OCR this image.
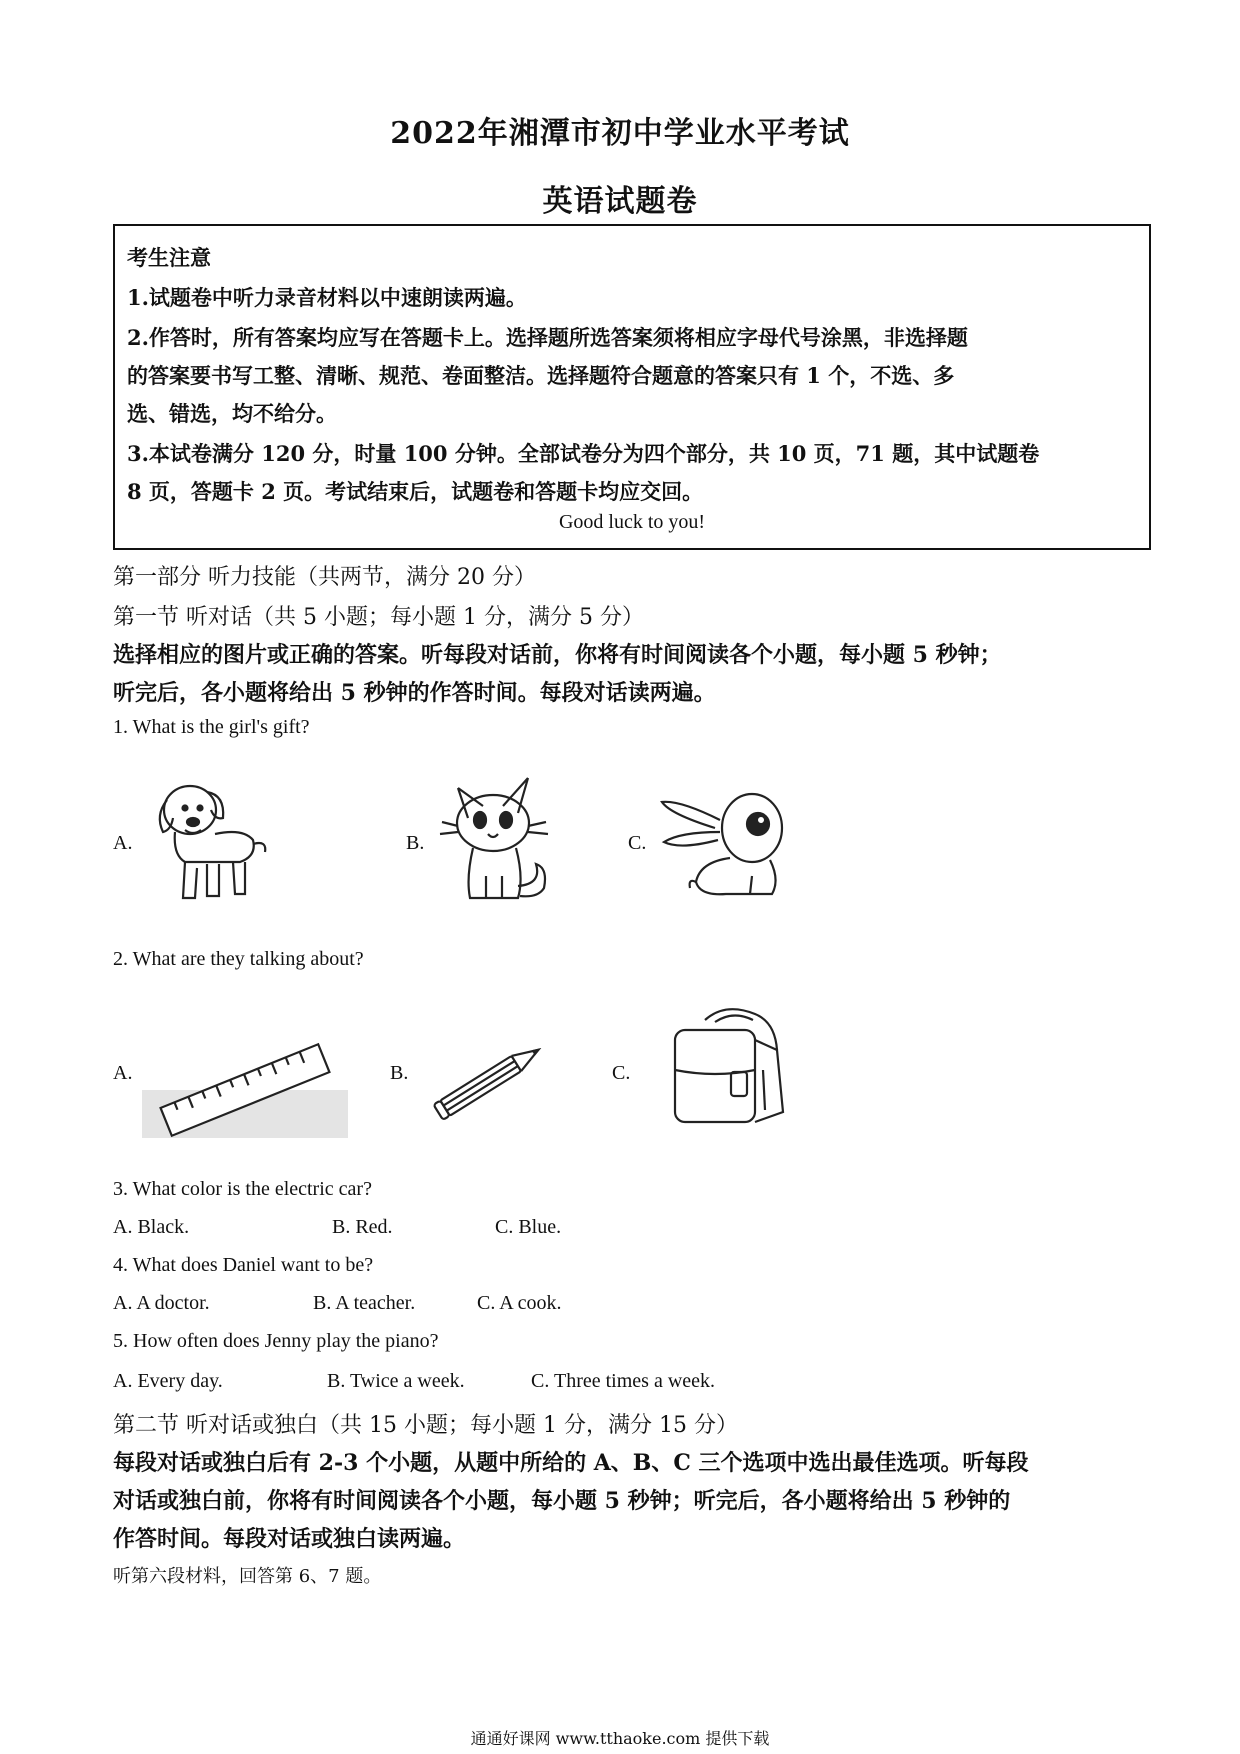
2022年湘潭市初中学业水平考试
英语试题卷
考生注意
1.试题卷中听力录音材料以中速朗读两遍。
2.作答时，所有答案均应写在答题卡上。选择题所选答案须将相应字母代号涂黑，非选择题
的答案要书写工整、清晰、规范、卷面整洁。选择题符合题意的答案只有 1 个，不选、多
选、错选，均不给分。
3.本试卷满分 120 分，时量 100 分钟。全部试卷分为四个部分，共 10 页，71 题，其中试题卷
8 页，答题卡 2 页。考试结束后，试题卷和答题卡均应交回。
Good luck to you!
第一部分 听力技能（共两节，满分 20 分）
第一节 听对话（共 5 小题；每小题 1 分，满分 5 分）
选择相应的图片或正确的答案。听每段对话前，你将有时间阅读各个小题，每小题 5 秒钟；
听完后，各小题将给出 5 秒钟的作答时间。每段对话读两遍。
1. What is the girl's gift?
A.	B.	C.
2. What are they talking about?
A.	B.	C.
3. What color is the electric car?
A. Black.	B. Red.	C. Blue.
4. What does Daniel want to be?
A. A doctor.	B. A teacher.	C. A cook.
5. How often does Jenny play the piano?
A. Every day.	B. Twice a week.	C. Three times a week.
第二节 听对话或独白（共 15 小题；每小题 1 分，满分 15 分）
每段对话或独白后有 2-3 个小题，从题中所给的 A、B、C 三个选项中选出最佳选项。听每段
对话或独白前，你将有时间阅读各个小题，每小题 5 秒钟；听完后，各小题将给出 5 秒钟的
作答时间。每段对话或独白读两遍。
听第六段材料，回答第 6、7 题。
通通好课网 www.tthaoke.com 提供下载
